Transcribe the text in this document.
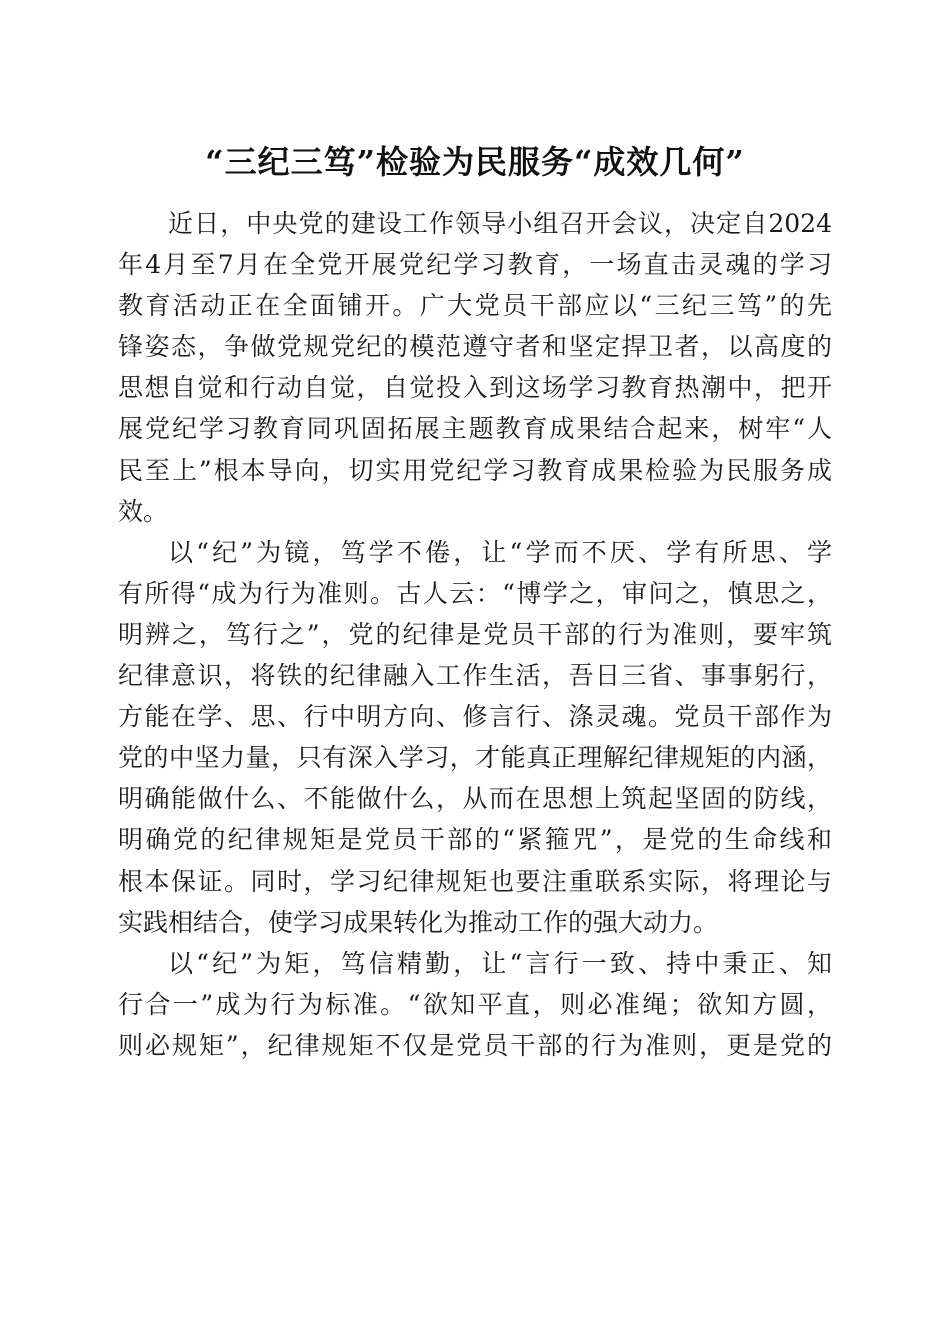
“三纪三笃”检验为民服务“成效几何”
近日，中央党的建设工作领导小组召开会议，决定自2024
年4月至7月在全党开展党纪学习教育，一场直击灵魂的学习
教育活动正在全面铺开。广大党员干部应以“三纪三笃”的先
锋姿态，争做党规党纪的模范遵守者和坚定捍卫者，以高度的
思想自觉和行动自觉，自觉投入到这场学习教育热潮中，把开
展党纪学习教育同巩固拓展主题教育成果结合起来，树牢“人
民至上”根本导向，切实用党纪学习教育成果检验为民服务成
效。
以“纪”为镜，笃学不倦，让“学而不厌、学有所思、学
有所得“成为行为准则。古人云：“博学之，审问之，慎思之，
明辨之，笃行之”，党的纪律是党员干部的行为准则，要牢筑
纪律意识，将铁的纪律融入工作生活，吾日三省、事事躬行，
方能在学、思、行中明方向、修言行、涤灵魂。党员干部作为
党的中坚力量，只有深入学习，才能真正理解纪律规矩的内涵，
明确能做什么、不能做什么，从而在思想上筑起坚固的防线，
明确党的纪律规矩是党员干部的“紧箍咒”，是党的生命线和
根本保证。同时，学习纪律规矩也要注重联系实际，将理论与
实践相结合，使学习成果转化为推动工作的强大动力。
以“纪”为矩，笃信精勤，让“言行一致、持中秉正、知
行合一”成为行为标准。“欲知平直，则必准绳；欲知方圆，
则必规矩”，纪律规矩不仅是党员干部的行为准则，更是党的
